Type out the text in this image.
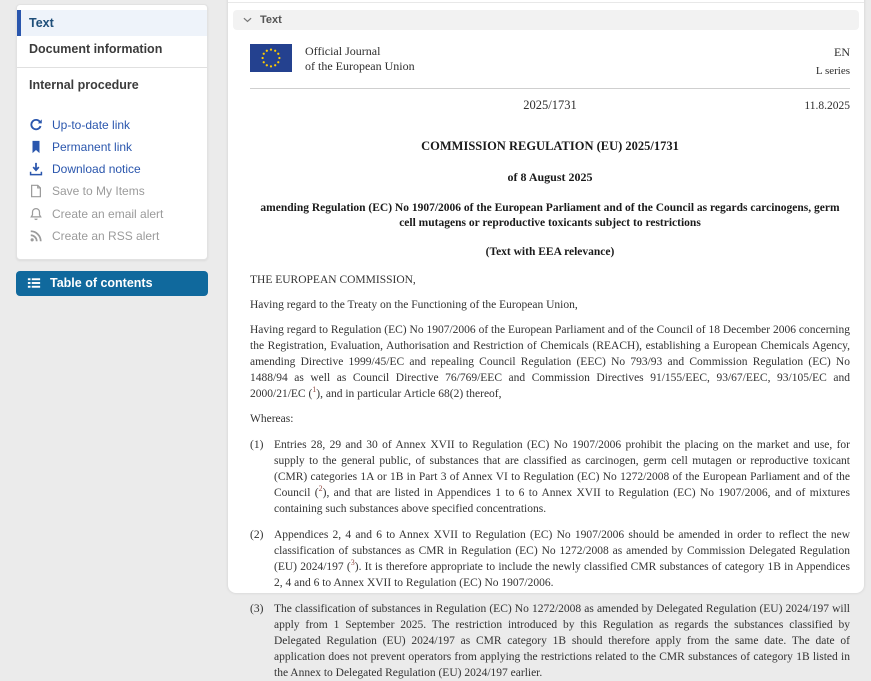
Text
Document information
Internal procedure
Up-to-date link
Permanent link
Download notice
Save to My Items
Create an email alert
Create an RSS alert
Table of contents
Text
Official Journal
of the European Union
EN
L series
2025/1731	11.8.2025
COMMISSION REGULATION (EU) 2025/1731
of 8 August 2025
amending Regulation (EC) No 1907/2006 of the European Parliament and of the Council as regards carcinogens, germ cell mutagens or reproductive toxicants subject to restrictions
(Text with EEA relevance)

THE EUROPEAN COMMISSION,

Having regard to the Treaty on the Functioning of the European Union,

Having regard to Regulation (EC) No 1907/2006 of the European Parliament and of the Council of 18 December 2006 concerning the Registration, Evaluation, Authorisation and Restriction of Chemicals (REACH), establishing a European Chemicals Agency, amending Directive 1999/45/EC and repealing Council Regulation (EEC) No 793/93 and Commission Regulation (EC) No 1488/94 as well as Council Directive 76/769/EEC and Commission Directives 91/155/EEC, 93/67/EEC, 93/105/EC and 2000/21/EC ($^1$), and in particular Article 68(2) thereof,

Whereas:

(1) Entries 28, 29 and 30 of Annex XVII to Regulation (EC) No 1907/2006 prohibit the placing on the market and use, for supply to the general public, of substances that are classified as carcinogen, germ cell mutagen or reproductive toxicant (CMR) categories 1A or 1B in Part 3 of Annex VI to Regulation (EC) No 1272/2008 of the European Parliament and of the Council ($^2$), and that are listed in Appendices 1 to 6 to Annex XVII to Regulation (EC) No 1907/2006, and of mixtures containing such substances above specified concentrations.
(2) Appendices 2, 4 and 6 to Annex XVII to Regulation (EC) No 1907/2006 should be amended in order to reflect the new classification of substances as CMR in Regulation (EC) No 1272/2008 as amended by Commission Delegated Regulation (EU) 2024/197 ($^3$). It is therefore appropriate to include the newly classified CMR substances of category 1B in Appendices 2, 4 and 6 to Annex XVII to Regulation (EC) No 1907/2006.
(3) The classification of substances in Regulation (EC) No 1272/2008 as amended by Delegated Regulation (EU) 2024/197 will apply from 1 September 2025. The restriction introduced by this Regulation as regards the substances classified by Delegated Regulation (EU) 2024/197 as CMR category 1B should therefore apply from the same date. The date of application does not prevent operators from applying the restrictions related to the CMR substances of category 1B listed in the Annex to Delegated Regulation (EU) 2024/197 earlier.
